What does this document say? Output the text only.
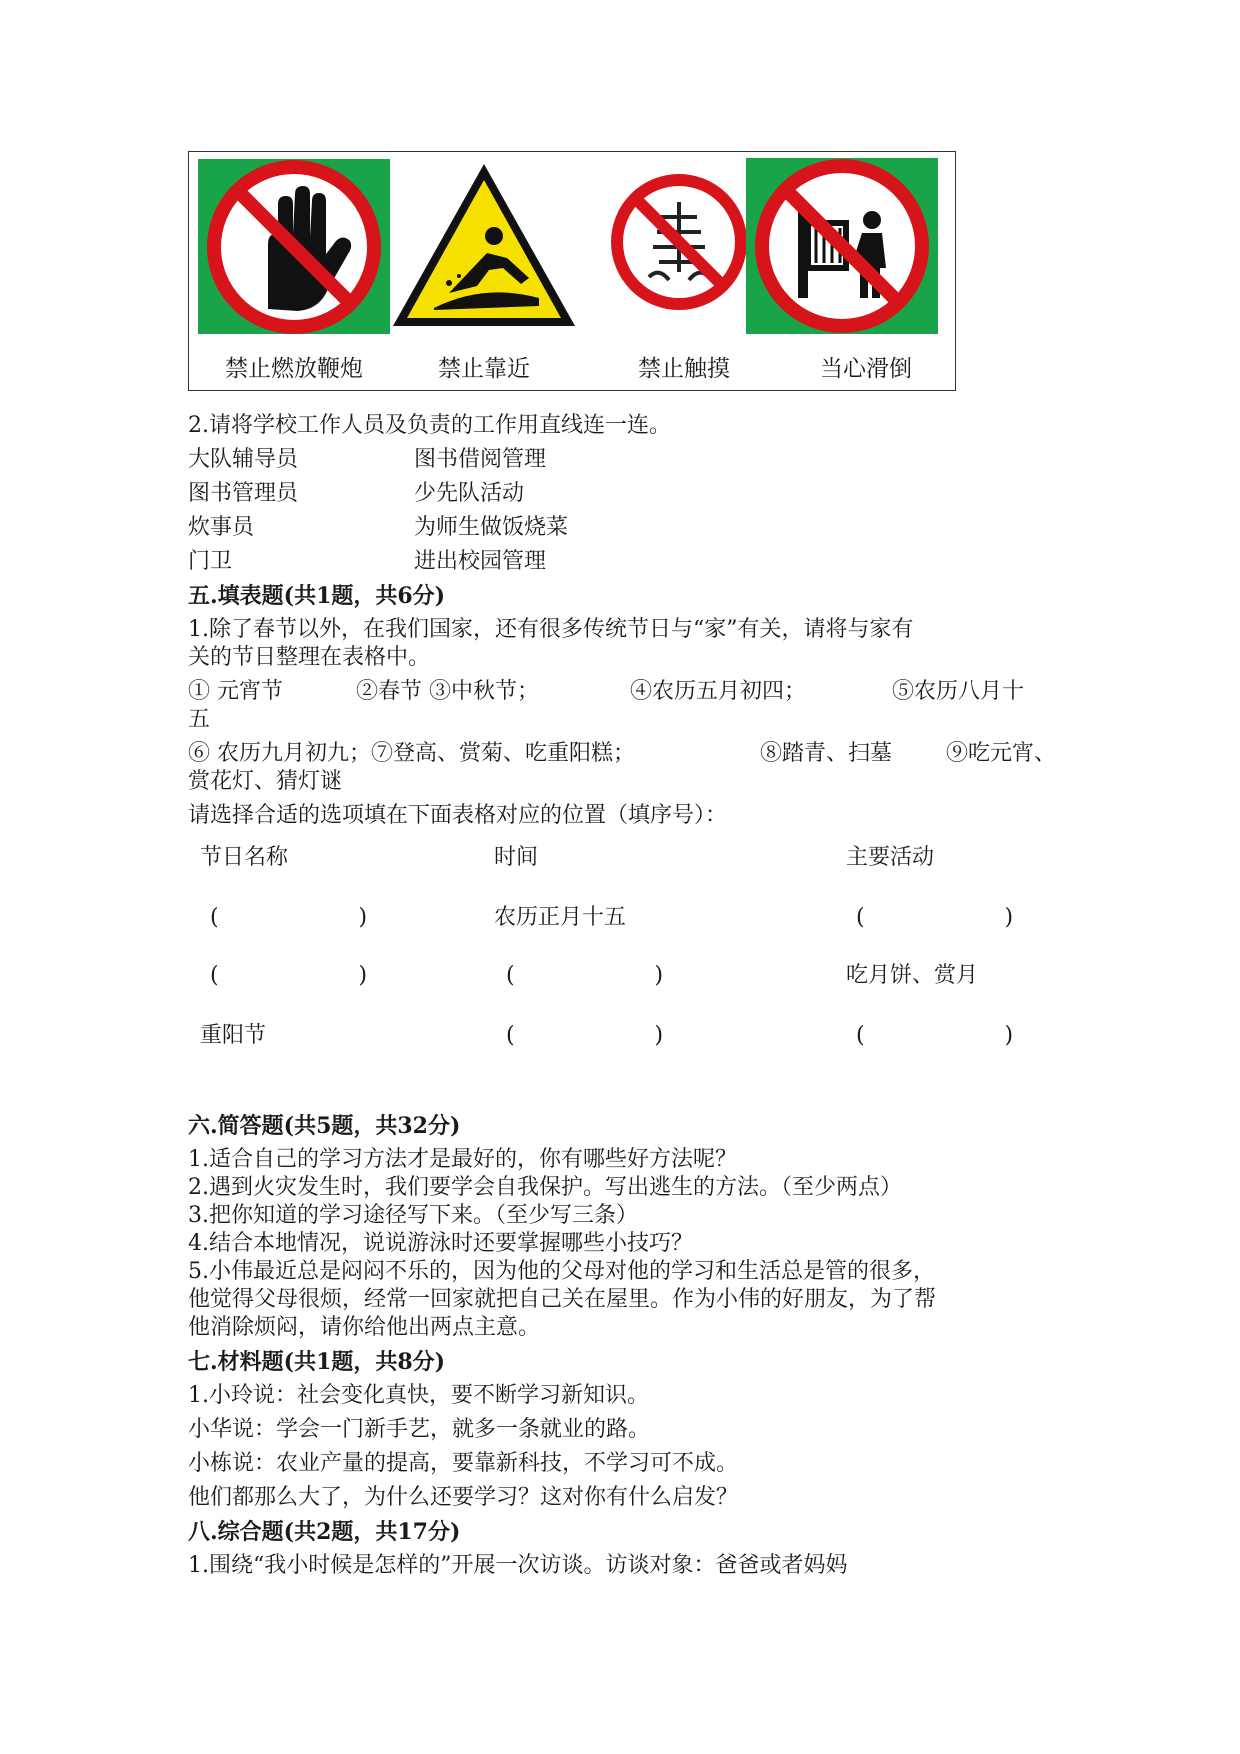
禁止燃放鞭炮	禁止靠近	禁止触摸	当心滑倒
2.请将学校工作人员及负责的工作用直线连一连。
大队辅导员	图书借阅管理
图书管理员	少先队活动
炊事员	为师生做饭烧菜
门卫	进出校园管理
五.填表题(共1题，共6分)
1.除了春节以外，在我们国家，还有很多传统节日与“家”有关，请将与家有
关的节日整理在表格中。
① 元宵节	②春节 ③中秋节；	④农历五月初四；	⑤农历八月十
五
⑥ 农历九月初九；⑦登高、赏菊、吃重阳糕；	⑧踏青、扫墓 ⑨吃元宵、
赏花灯、猜灯谜
请选择合适的选项填在下面表格对应的位置（填序号）：
节日名称	时间	主要活动
(                    )	农历正月十五	(                    )
(                    )	(                    )	吃月饼、赏月
重阳节	(                    )	(                    )
六.简答题(共5题，共32分)
1.适合自己的学习方法才是最好的，你有哪些好方法呢？
2.遇到火灾发生时，我们要学会自我保护。写出逃生的方法。（至少两点）
3.把你知道的学习途径写下来。（至少写三条）
4.结合本地情况，说说游泳时还要掌握哪些小技巧？
5.小伟最近总是闷闷不乐的，因为他的父母对他的学习和生活总是管的很多，
他觉得父母很烦，经常一回家就把自己关在屋里。作为小伟的好朋友，为了帮
他消除烦闷，请你给他出两点主意。
七.材料题(共1题，共8分)
1.小玲说：社会变化真快，要不断学习新知识。
小华说：学会一门新手艺，就多一条就业的路。
小栋说：农业产量的提高，要靠新科技，不学习可不成。
他们都那么大了，为什么还要学习？这对你有什么启发？
八.综合题(共2题，共17分)
1.围绕“我小时候是怎样的”开展一次访谈。访谈对象：爸爸或者妈妈
